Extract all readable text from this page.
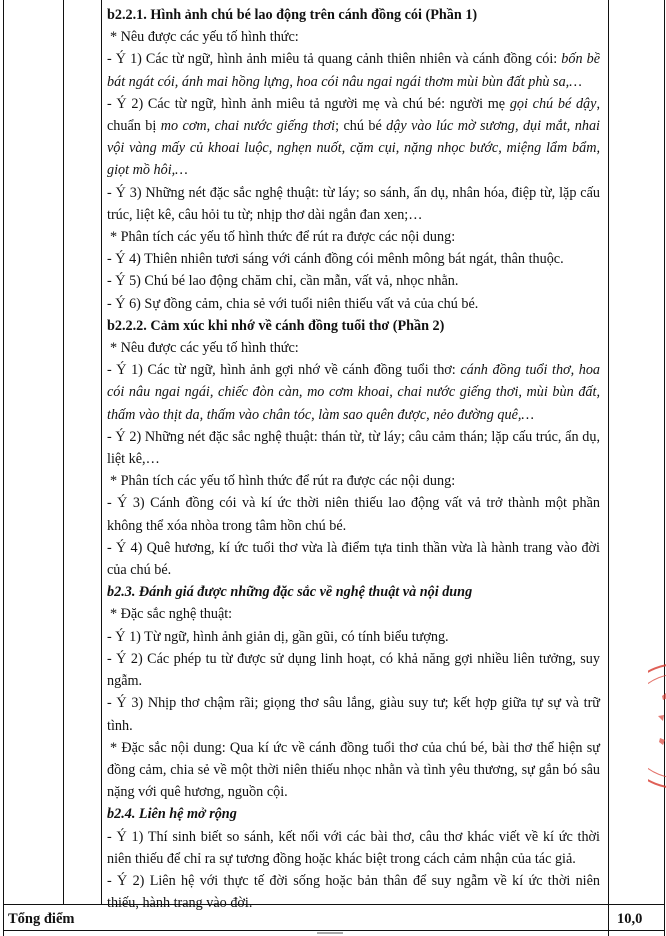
b2.2.1. Hình ảnh chú bé lao động trên cánh đồng cói (Phần 1)

* Nêu được các yếu tố hình thức:

- Ý 1) Các từ ngữ, hình ảnh miêu tả quang cảnh thiên nhiên và cánh đồng cói: bốn bề bát ngát cói, ánh mai hồng lựng, hoa cói nâu ngai ngái thơm mùi bùn đất phù sa,…

- Ý 2) Các từ ngữ, hình ảnh miêu tả người mẹ và chú bé: người mẹ gọi chú bé dậy, chuẩn bị mo cơm, chai nước giếng thơi; chú bé dậy vào lúc mờ sương, dụi mắt, nhai vội vàng mấy củ khoai luộc, nghẹn nuốt, cặm cụi, nặng nhọc bước, miệng lẩm bẩm, giọt mồ hôi,…

- Ý 3) Những nét đặc sắc nghệ thuật: từ láy; so sánh, ẩn dụ, nhân hóa, điệp từ, lặp cấu trúc, liệt kê, câu hỏi tu từ; nhịp thơ dài ngắn đan xen;…

* Phân tích các yếu tố hình thức để rút ra được các nội dung:

- Ý 4) Thiên nhiên tươi sáng với cánh đồng cói mênh mông bát ngát, thân thuộc.

- Ý 5) Chú bé lao động chăm chỉ, cần mẫn, vất vả, nhọc nhằn.

- Ý 6) Sự đồng cảm, chia sẻ với tuổi niên thiếu vất vả của chú bé.

b2.2.2. Cảm xúc khi nhớ về cánh đồng tuổi thơ (Phần 2)

* Nêu được các yếu tố hình thức:

- Ý 1) Các từ ngữ, hình ảnh gợi nhớ về cánh đồng tuổi thơ: cánh đồng tuổi thơ, hoa cói nâu ngai ngái, chiếc đòn càn, mo cơm khoai, chai nước giếng thơi, mùi bùn đất, thấm vào thịt da, thấm vào chân tóc, làm sao quên được, nẻo đường quê,…

- Ý 2) Những nét đặc sắc nghệ thuật: thán từ, từ láy; câu cảm thán; lặp cấu trúc, ẩn dụ, liệt kê,…

* Phân tích các yếu tố hình thức để rút ra được các nội dung:

- Ý 3) Cánh đồng cói và kí ức thời niên thiếu lao động vất vả trở thành một phần không thể xóa nhòa trong tâm hồn chú bé.

- Ý 4) Quê hương, kí ức tuổi thơ vừa là điểm tựa tinh thần vừa là hành trang vào đời của chú bé.

b2.3. Đánh giá được những đặc sắc về nghệ thuật và nội dung

* Đặc sắc nghệ thuật:

- Ý 1) Từ ngữ, hình ảnh giản dị, gần gũi, có tính biểu tượng.

- Ý 2) Các phép tu từ được sử dụng linh hoạt, có khả năng gợi nhiều liên tưởng, suy ngẫm.

- Ý 3) Nhịp thơ chậm rãi; giọng thơ sâu lắng, giàu suy tư; kết hợp giữa tự sự và trữ tình.

* Đặc sắc nội dung: Qua kí ức về cánh đồng tuổi thơ của chú bé, bài thơ thể hiện sự đồng cảm, chia sẻ về một thời niên thiếu nhọc nhằn và tình yêu thương, sự gắn bó sâu nặng với quê hương, nguồn cội.

b2.4. Liên hệ mở rộng

- Ý 1) Thí sinh biết so sánh, kết nối với các bài thơ, câu thơ khác viết về kí ức thời niên thiếu để chỉ ra sự tương đồng hoặc khác biệt trong cách cảm nhận của tác giả.

- Ý 2) Liên hệ với thực tế đời sống hoặc bản thân để suy ngẫm về kí ức thời niên thiếu, hành trang vào đời.

Tổng điểm	10,0
